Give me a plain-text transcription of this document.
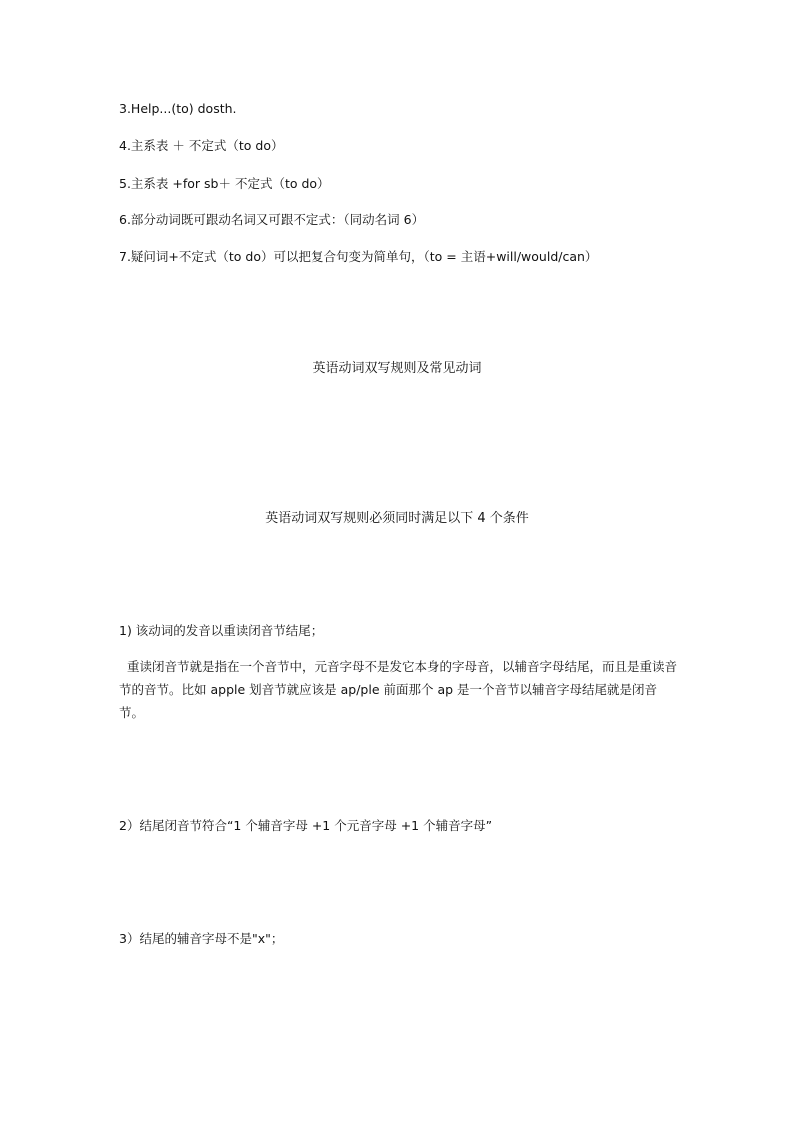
3.Help...(to) dosth.
4.主系表 ＋ 不定式（to do）
5.主系表 +for sb＋ 不定式（to do）
6.部分动词既可跟动名词又可跟不定式：（同动名词 6）
7.疑问词+不定式（to do）可以把复合句变为简单句，（to = 主语+will/would/can）
英语动词双写规则及常见动词
英语动词双写规则必须同时满足以下 4 个条件
1) 该动词的发音以重读闭音节结尾；
重读闭音节就是指在一个音节中，元音字母不是发它本身的字母音，以辅音字母结尾，而且是重读音节的音节。比如 apple 划音节就应该是 ap/ple 前面那个 ap 是一个音节以辅音字母结尾就是闭音节。
2）结尾闭音节符合“1 个辅音字母 +1 个元音字母 +1 个辅音字母”
3）结尾的辅音字母不是"x"；
